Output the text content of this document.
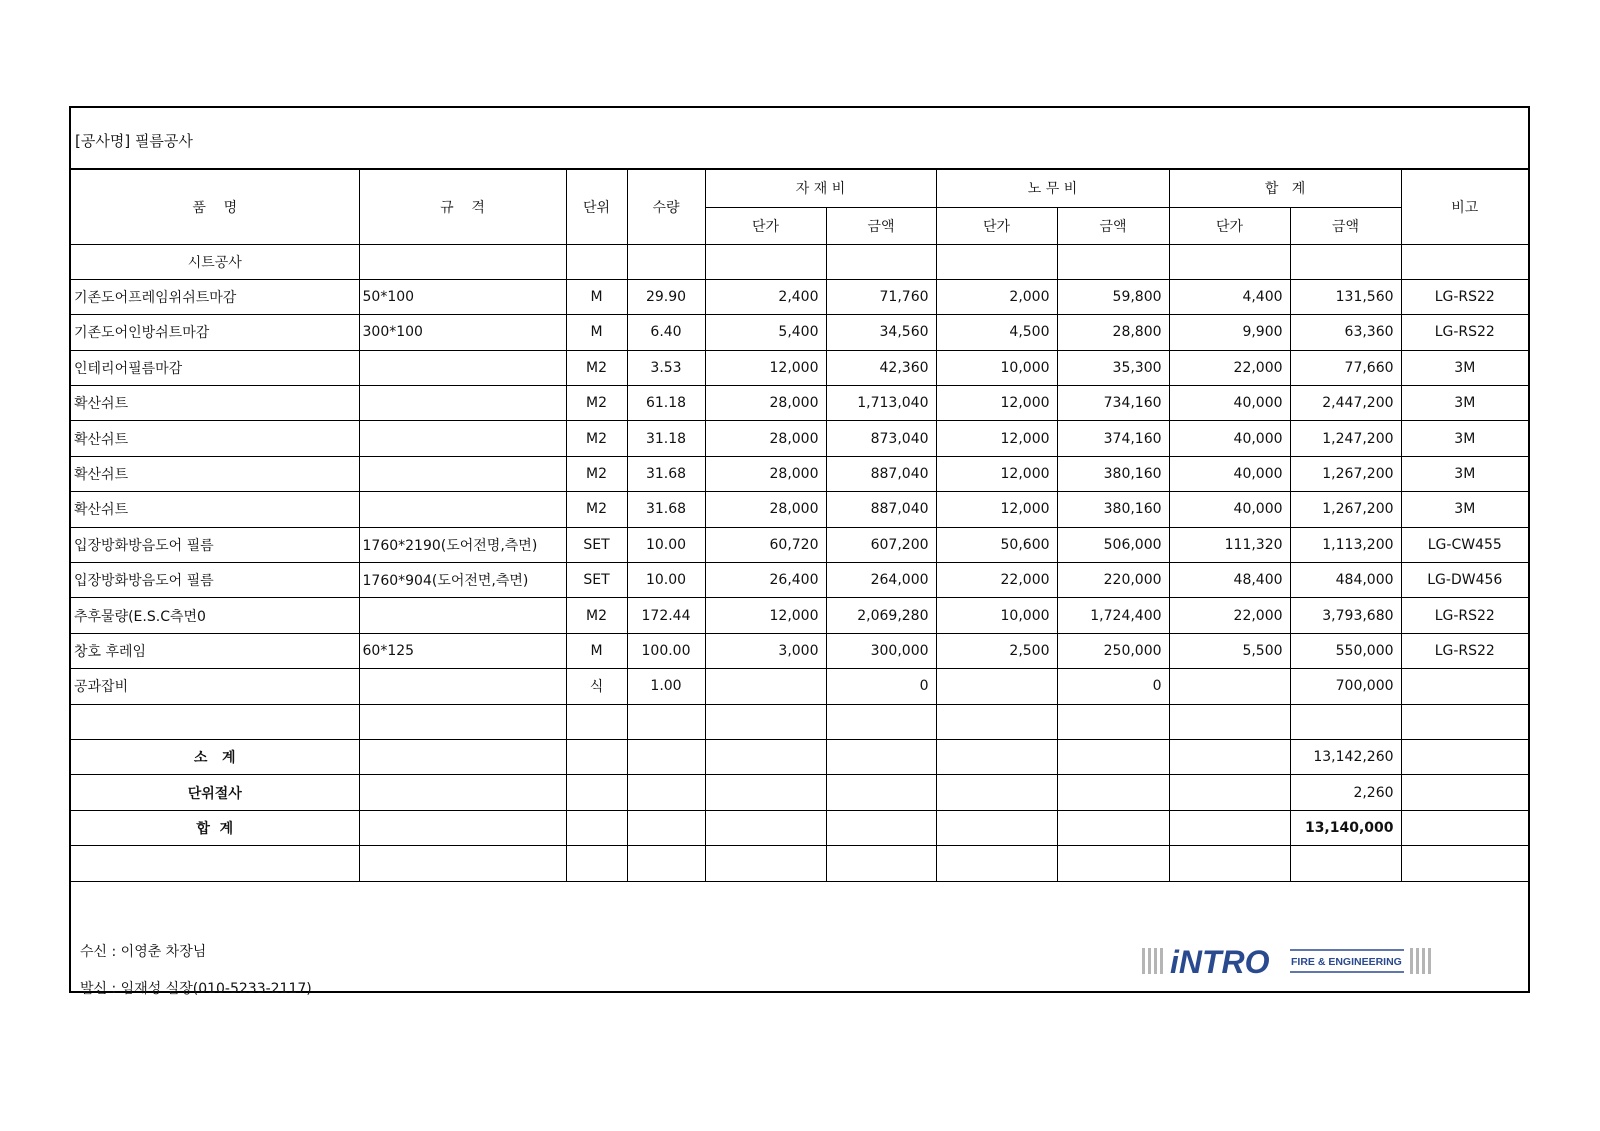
[공사명] 필름공사
품    명	규    격	단위	수량	자 재 비		노 무 비		합   계		비고
				단가	금액	단가	금액	단가	금액	
시트공사										
기존도어프레임위쉬트마감	50*100	M	29.90	2,400	71,760	2,000	59,800	4,400	131,560	LG-RS22
기존도어인방쉬트마감	300*100	M	6.40	5,400	34,560	4,500	28,800	9,900	63,360	LG-RS22
인테리어필름마감		M2	3.53	12,000	42,360	10,000	35,300	22,000	77,660	3M
확산쉬트		M2	61.18	28,000	1,713,040	12,000	734,160	40,000	2,447,200	3M
확산쉬트		M2	31.18	28,000	873,040	12,000	374,160	40,000	1,247,200	3M
확산쉬트		M2	31.68	28,000	887,040	12,000	380,160	40,000	1,267,200	3M
확산쉬트		M2	31.68	28,000	887,040	12,000	380,160	40,000	1,267,200	3M
입장방화방음도어 필름	1760*2190(도어전명,측면)	SET	10.00	60,720	607,200	50,600	506,000	111,320	1,113,200	LG-CW455
입장방화방음도어 필름	1760*904(도어전면,측면)	SET	10.00	26,400	264,000	22,000	220,000	48,400	484,000	LG-DW456
추후물량(E.S.C측면0		M2	172.44	12,000	2,069,280	10,000	1,724,400	22,000	3,793,680	LG-RS22
창호 후레임	60*125	M	100.00	3,000	300,000	2,500	250,000	5,500	550,000	LG-RS22
공과잡비		식	1.00		0		0		700,000	

소   계									13,142,260	
단위절사									2,260	
합  계									13,140,000	

수신 : 이영춘 차장님
발신 : 임재성 실장(010-5233-2117)
iNTRO FIRE & ENGINEERING
